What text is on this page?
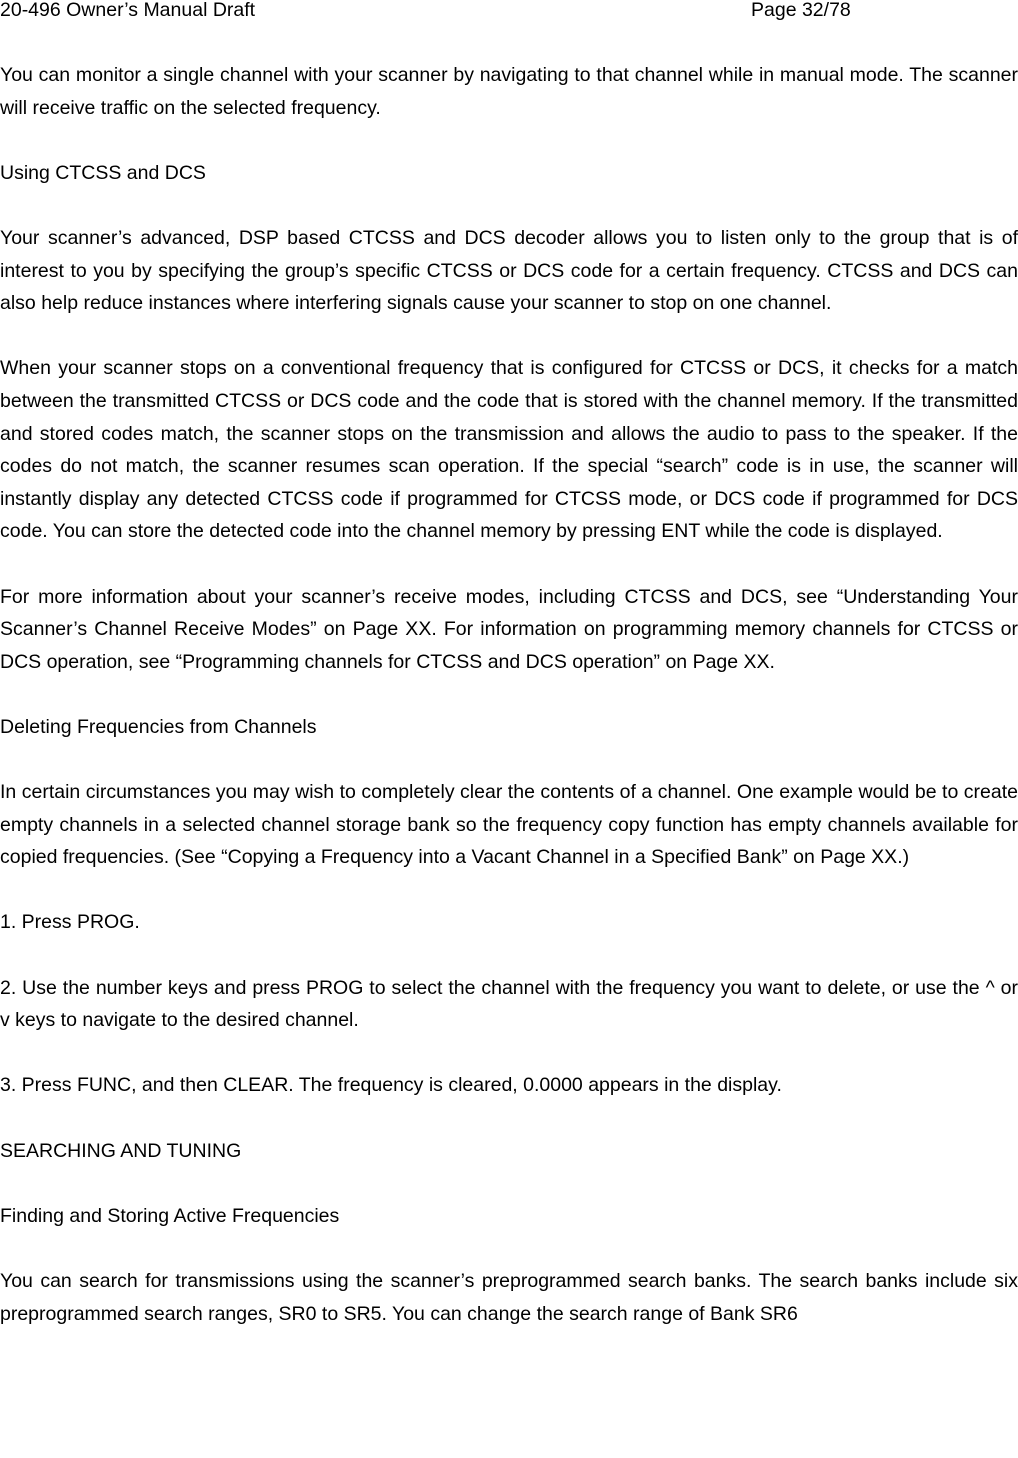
20-496 Owner’s Manual Draft	Page 32/78

You can monitor a single channel with your scanner by navigating to that channel while in manual mode. The scanner will receive traffic on the selected frequency.

Using CTCSS and DCS

Your scanner’s advanced, DSP based CTCSS and DCS decoder allows you to listen only to the group that is of interest to you by specifying the group’s specific CTCSS or DCS code for a certain frequency. CTCSS and DCS can also help reduce instances where interfering signals cause your scanner to stop on one channel.

When your scanner stops on a conventional frequency that is configured for CTCSS or DCS, it checks for a match between the transmitted CTCSS or DCS code and the code that is stored with the channel memory. If the transmitted and stored codes match, the scanner stops on the transmission and allows the audio to pass to the speaker. If the codes do not match, the scanner resumes scan operation. If the special “search” code is in use, the scanner will instantly display any detected CTCSS code if programmed for CTCSS mode, or DCS code if programmed for DCS code. You can store the detected code into the channel memory by pressing ENT while the code is displayed.

For more information about your scanner’s receive modes, including CTCSS and DCS, see “Understanding Your Scanner’s Channel Receive Modes” on Page XX. For information on programming memory channels for CTCSS or DCS operation, see “Programming channels for CTCSS and DCS operation” on Page XX.

Deleting Frequencies from Channels

In certain circumstances you may wish to completely clear the contents of a channel. One example would be to create empty channels in a selected channel storage bank so the frequency copy function has empty channels available for copied frequencies. (See “Copying a Frequency into a Vacant Channel in a Specified Bank” on Page XX.)

1. Press PROG.

2. Use the number keys and press PROG to select the channel with the frequency you want to delete, or use the ^ or v keys to navigate to the desired channel.

3. Press FUNC, and then CLEAR. The frequency is cleared, 0.0000 appears in the display.

SEARCHING AND TUNING

Finding and Storing Active Frequencies

You can search for transmissions using the scanner’s preprogrammed search banks. The search banks include six preprogrammed search ranges, SR0 to SR5. You can change the search range of Bank SR6
